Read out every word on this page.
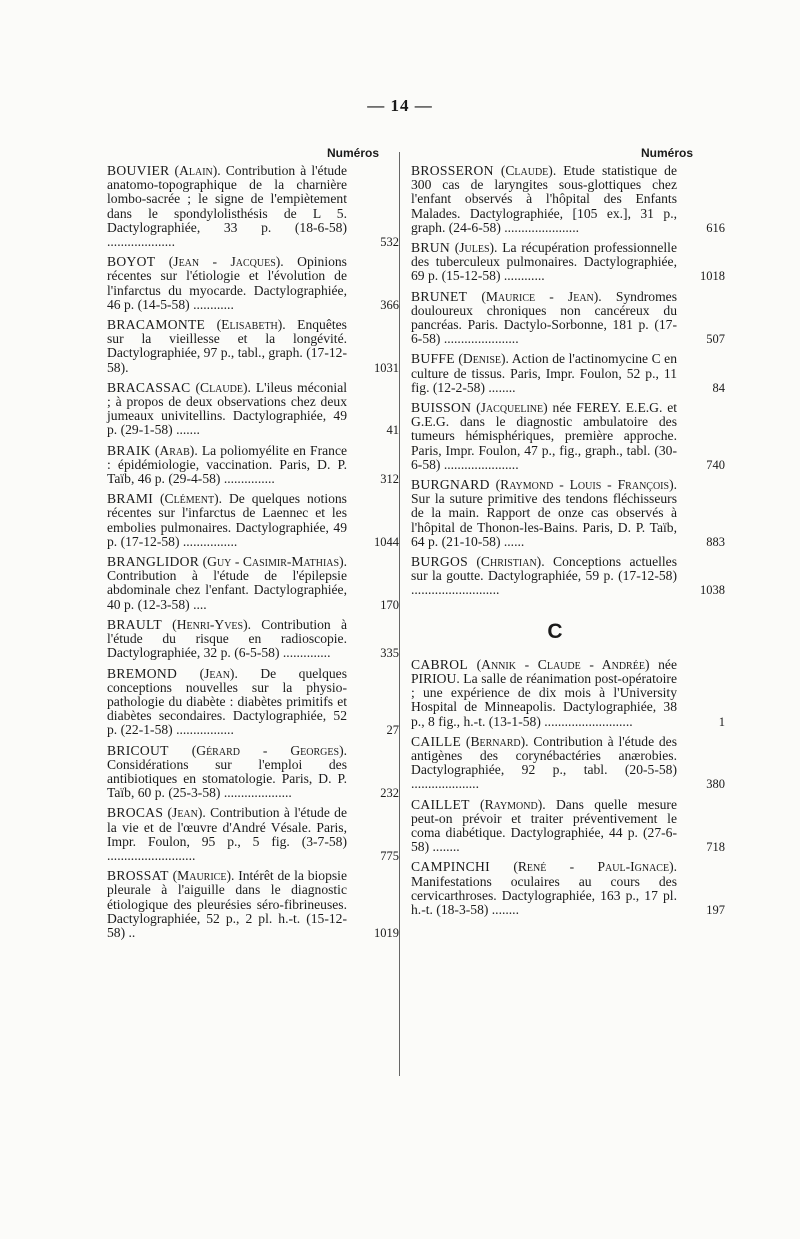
— 14 —
Numéros
BOUVIER (Alain). Contribution à l'étude anatomo-topographique de la charnière lombo-sacrée ; le signe de l'empiètement dans le spondylolisthésis de L 5. Dactylographiée, 33 p. (18-6-58) ....................	532
BOYOT (Jean - Jacques). Opinions récentes sur l'étiologie et l'évolution de l'infarctus du myocarde. Dactylographiée, 46 p. (14-5-58) ............	366
BRACAMONTE (Elisabeth). Enquêtes sur la vieillesse et la longévité. Dactylographiée, 97 p., tabl., graph. (17-12-58).	1031
BRACASSAC (Claude). L'ileus méconial ; à propos de deux observations chez deux jumeaux univitellins. Dactylographiée, 49 p. (29-1-58) .......	41
BRAIK (Arab). La poliomyélite en France : épidémiologie, vaccination. Paris, D. P. Taïb, 46 p. (29-4-58) ...............	312
BRAMI (Clément). De quelques notions récentes sur l'infarctus de Laennec et les embolies pulmonaires. Dactylographiée, 49 p. (17-12-58) ................	1044
BRANGLIDOR (Guy - Casimir-Mathias). Contribution à l'étude de l'épilepsie abdominale chez l'enfant. Dactylographiée, 40 p. (12-3-58) ....	170
BRAULT (Henri-Yves). Contribution à l'étude du risque en radioscopie. Dactylographiée, 32 p. (6-5-58) ..............	335
BREMOND (Jean). De quelques conceptions nouvelles sur la physio-pathologie du diabète : diabètes primitifs et diabètes secondaires. Dactylographiée, 52 p. (22-1-58) .................	27
BRICOUT (Gérard - Georges). Considérations sur l'emploi des antibiotiques en stomatologie. Paris, D. P. Taïb, 60 p. (25-3-58) ....................	232
BROCAS (Jean). Contribution à l'étude de la vie et de l'œuvre d'André Vésale. Paris, Impr. Foulon, 95 p., 5 fig. (3-7-58) ..........................	775
BROSSAT (Maurice). Intérêt de la biopsie pleurale à l'aiguille dans le diagnostic étiologique des pleurésies séro-fibrineuses. Dactylographiée, 52 p., 2 pl. h.-t. (15-12-58) ..	1019
Numéros
BROSSERON (Claude). Etude statistique de 300 cas de laryngites sous-glottiques chez l'enfant observés à l'hôpital des Enfants Malades. Dactylographiée, [105 ex.], 31 p., graph. (24-6-58) ......................	616
BRUN (Jules). La récupération professionnelle des tuberculeux pulmonaires. Dactylographiée, 69 p. (15-12-58) ............	1018
BRUNET (Maurice - Jean). Syndromes douloureux chroniques non cancéreux du pancréas. Paris. Dactylo-Sorbonne, 181 p. (17-6-58) ......................	507
BUFFE (Denise). Action de l'actinomycine C en culture de tissus. Paris, Impr. Foulon, 52 p., 11 fig. (12-2-58) ........	84
BUISSON (Jacqueline) née FEREY. E.E.G. et G.E.G. dans le diagnostic ambulatoire des tumeurs hémisphériques, première approche. Paris, Impr. Foulon, 47 p., fig., graph., tabl. (30-6-58) ......................	740
BURGNARD (Raymond - Louis - François). Sur la suture primitive des tendons fléchisseurs de la main. Rapport de onze cas observés à l'hôpital de Thonon-les-Bains. Paris, D. P. Taïb, 64 p. (21-10-58) ......	883
BURGOS (Christian). Conceptions actuelles sur la goutte. Dactylographiée, 59 p. (17-12-58) ..........................	1038
C
CABROL (Annik - Claude - Andrée) née PIRIOU. La salle de réanimation post-opératoire ; une expérience de dix mois à l'University Hospital de Minneapolis. Dactylographiée, 38 p., 8 fig., h.-t. (13-1-58) ..........................	1
CAILLE (Bernard). Contribution à l'étude des antigènes des corynébactéries anærobies. Dactylographiée, 92 p., tabl. (20-5-58) ....................	380
CAILLET (Raymond). Dans quelle mesure peut-on prévoir et traiter préventivement le coma diabétique. Dactylographiée, 44 p. (27-6-58) ........	718
CAMPINCHI (René - Paul-Ignace). Manifestations oculaires au cours des cervicarthroses. Dactylographiée, 163 p., 17 pl. h.-t. (18-3-58) ........	197
